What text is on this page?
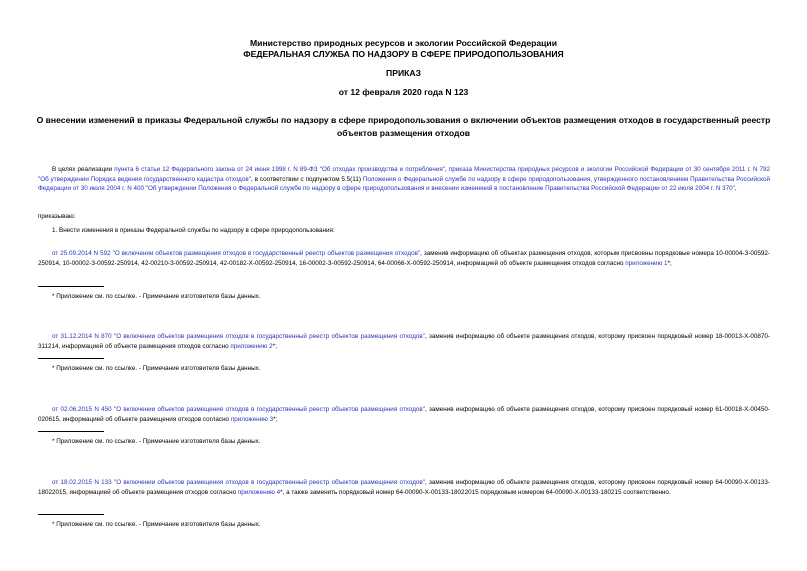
Министерство природных ресурсов и экологии Российской Федерации
ФЕДЕРАЛЬНАЯ СЛУЖБА ПО НАДЗОРУ В СФЕРЕ ПРИРОДОПОЛЬЗОВАНИЯ
ПРИКАЗ
от 12 февраля 2020 года N 123
О внесении изменений в приказы Федеральной службы по надзору в сфере природопользования о включении объектов размещения отходов в государственный реестр объектов размещения отходов
В целях реализации пункта 6 статьи 12 Федерального закона от 24 июня 1998 г. N 89-ФЗ "Об отходах производства и потребления", приказа Министерства природных ресурсов и экологии Российской Федерации от 30 сентября 2011 г. N 792 "Об утверждении Порядка ведения государственного кадастра отходов", в соответствии с подпунктом 5.5(11) Положения о Федеральной службе по надзору в сфере природопользования, утвержденного постановлением Правительства Российской Федерации от 30 июля 2004 г. N 400 "Об утверждении Положения о Федеральной службе по надзору в сфере природопользования и внесении изменений в постановление Правительства Российской Федерации от 22 июля 2004 г. N 370",
приказываю:
1. Внести изменения в приказы Федеральной службы по надзору в сфере природопользования:
от 25.09.2014 N 592 "О включении объектов размещения отходов в государственный реестр объектов размещения отходов", заменив информацию об объектах размещения отходов, которым присвоены порядковые номера 10-00004-З-00592-250914, 10-00002-З-00592-250914, 42-00210-З-00592-250914, 42-00182-Х-00592-250914, 16-00002-З-00592-250914, 64-00066-Х-00592-250914, информацией об объекте размещения отходов согласно приложению 1*;
* Приложение см. по ссылке. - Примечание изготовителя базы данных.
от 31.12.2014 N 870 "О включении объектов размещения отходов в государственный реестр объектов размещения отходов", заменив информацию об объекте размещения отходов, которому присвоен порядковый номер 18-00013-Х-00870-311214, информацией об объекте размещения отходов согласно приложению 2*;
* Приложение см. по ссылке. - Примечание изготовителя базы данных.
от 02.06.2015 N 450 "О включении объектов размещения отходов в государственный реестр объектов размещения отходов", заменив информацию об объекте размещения отходов, которому присвоен порядковый номер 61-00018-Х-00450-020615, информацией об объекте размещения отходов согласно приложению 3*;
* Приложение см. по ссылке. - Примечание изготовителя базы данных.
от 18.02.2015 N 133 "О включении объектов размещения отходов в государственный реестр объектов размещения отходов", заменив информацию об объекте размещения отходов, которому присвоен порядковый номер 64-00090-Х-00133-18022015, информацией об объекте размещения отходов согласно приложению 4*, а также заменить порядковый номер 64-00090-Х-00133-18022015 порядковым номером 64-00090-Х-00133-180215 соответственно.
* Приложение см. по ссылке. - Примечание изготовителя базы данных.
